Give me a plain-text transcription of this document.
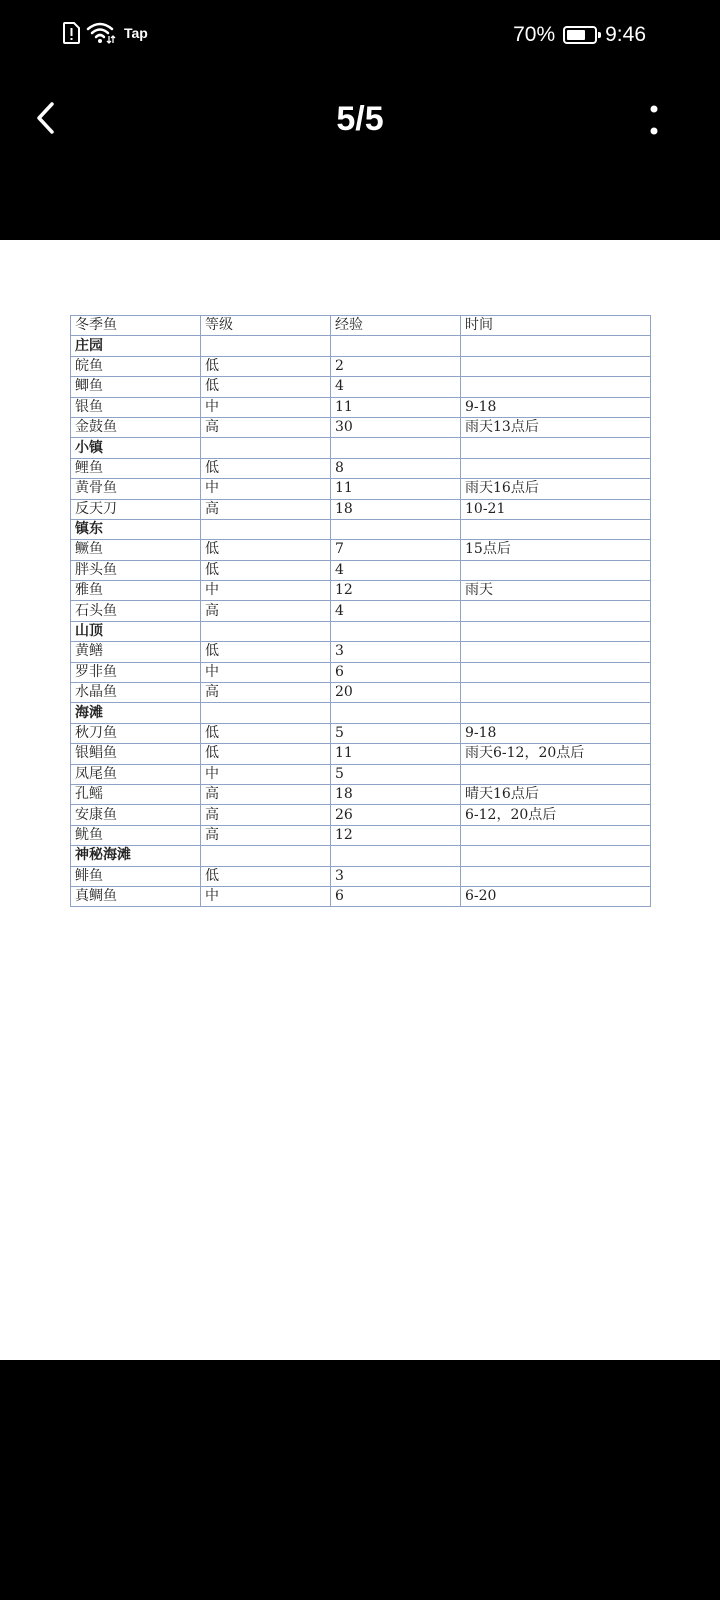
Tap	70% 9:46
5/5
冬季鱼	等级	经验	时间
庄园			
皖鱼	低	2	
鲫鱼	低	4	
银鱼	中	11	9-18
金鼓鱼	高	30	雨天13点后
小镇			
鲤鱼	低	8	
黄骨鱼	中	11	雨天16点后
反天刀	高	18	10-21
镇东			
鳜鱼	低	7	15点后
胖头鱼	低	4	
雅鱼	中	12	雨天
石头鱼	高	4	
山顶			
黄鳝	低	3	
罗非鱼	中	6	
水晶鱼	高	20	
海滩			
秋刀鱼	低	5	9-18
银鲳鱼	低	11	雨天6-12，20点后
凤尾鱼	中	5	
孔鳐	高	18	晴天16点后
安康鱼	高	26	6-12，20点后
鱿鱼	高	12	
神秘海滩			
鲱鱼	低	3	
真鲷鱼	中	6	6-20
